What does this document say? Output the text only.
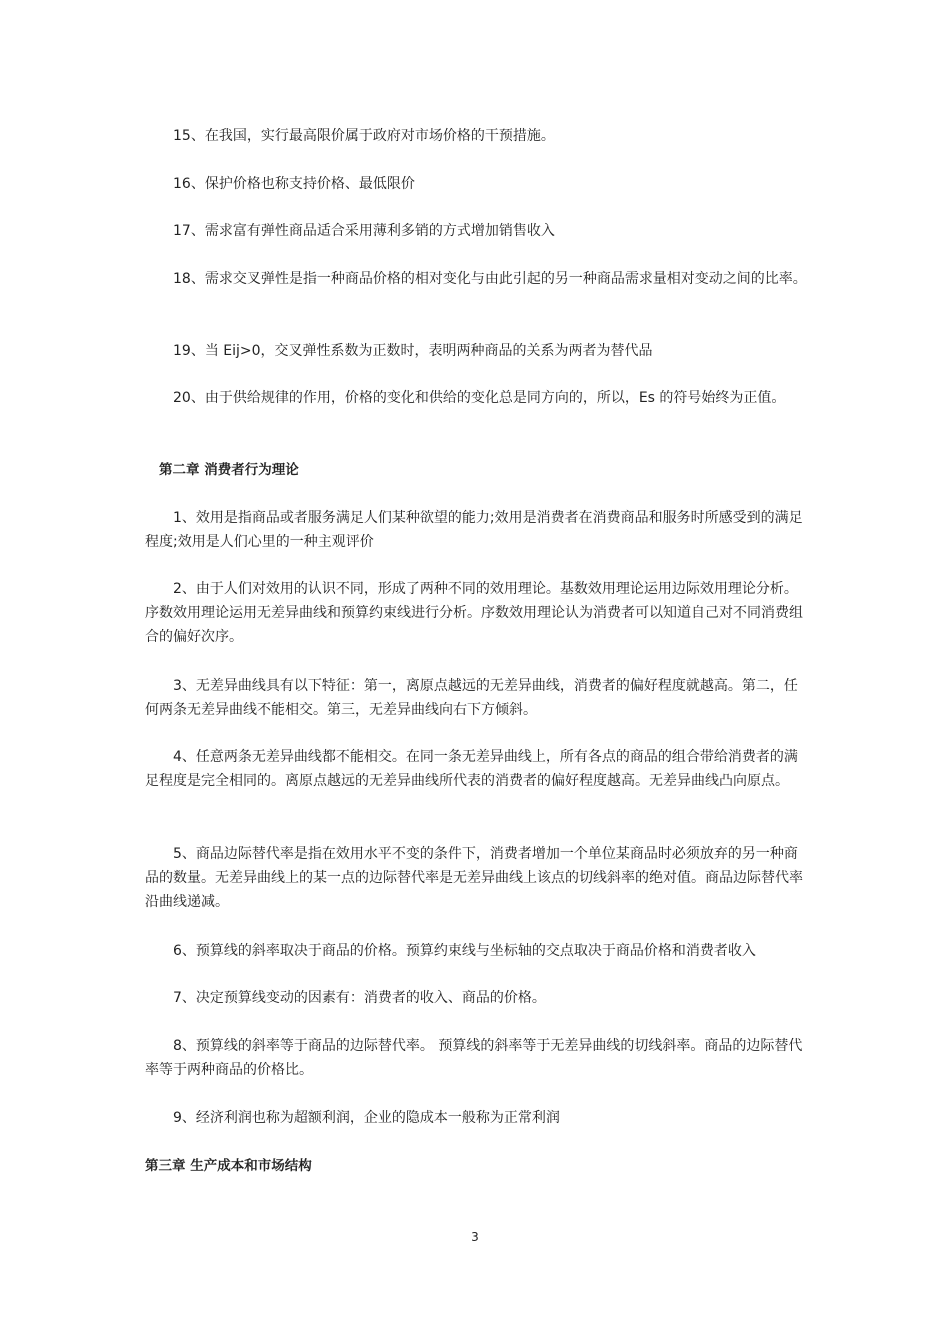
15、在我国，实行最高限价属于政府对市场价格的干预措施。

16、保护价格也称支持价格、最低限价

17、需求富有弹性商品适合采用薄利多销的方式增加销售收入

18、需求交叉弹性是指一种商品价格的相对变化与由此引起的另一种商品需求量相对变动之间的比率。

19、当 Eij>0，交叉弹性系数为正数时，表明两种商品的关系为两者为替代品

20、由于供给规律的作用，价格的变化和供给的变化总是同方向的，所以，Es 的符号始终为正值。

第二章 消费者行为理论

1、效用是指商品或者服务满足人们某种欲望的能力;效用是消费者在消费商品和服务时所感受到的满足程度;效用是人们心里的一种主观评价

2、由于人们对效用的认识不同，形成了两种不同的效用理论。基数效用理论运用边际效用理论分析。序数效用理论运用无差异曲线和预算约束线进行分析。序数效用理论认为消费者可以知道自己对不同消费组合的偏好次序。

3、无差异曲线具有以下特征：第一，离原点越远的无差异曲线，消费者的偏好程度就越高。第二，任何两条无差异曲线不能相交。第三，无差异曲线向右下方倾斜。

4、任意两条无差异曲线都不能相交。在同一条无差异曲线上，所有各点的商品的组合带给消费者的满足程度是完全相同的。离原点越远的无差异曲线所代表的消费者的偏好程度越高。无差异曲线凸向原点。

5、商品边际替代率是指在效用水平不变的条件下，消费者增加一个单位某商品时必须放弃的另一种商品的数量。无差异曲线上的某一点的边际替代率是无差异曲线上该点的切线斜率的绝对值。商品边际替代率沿曲线递减。

6、预算线的斜率取决于商品的价格。预算约束线与坐标轴的交点取决于商品价格和消费者收入

7、决定预算线变动的因素有：消费者的收入、商品的价格。

8、预算线的斜率等于商品的边际替代率。 预算线的斜率等于无差异曲线的切线斜率。商品的边际替代率等于两种商品的价格比。

9、经济利润也称为超额利润，企业的隐成本一般称为正常利润

第三章 生产成本和市场结构

3
